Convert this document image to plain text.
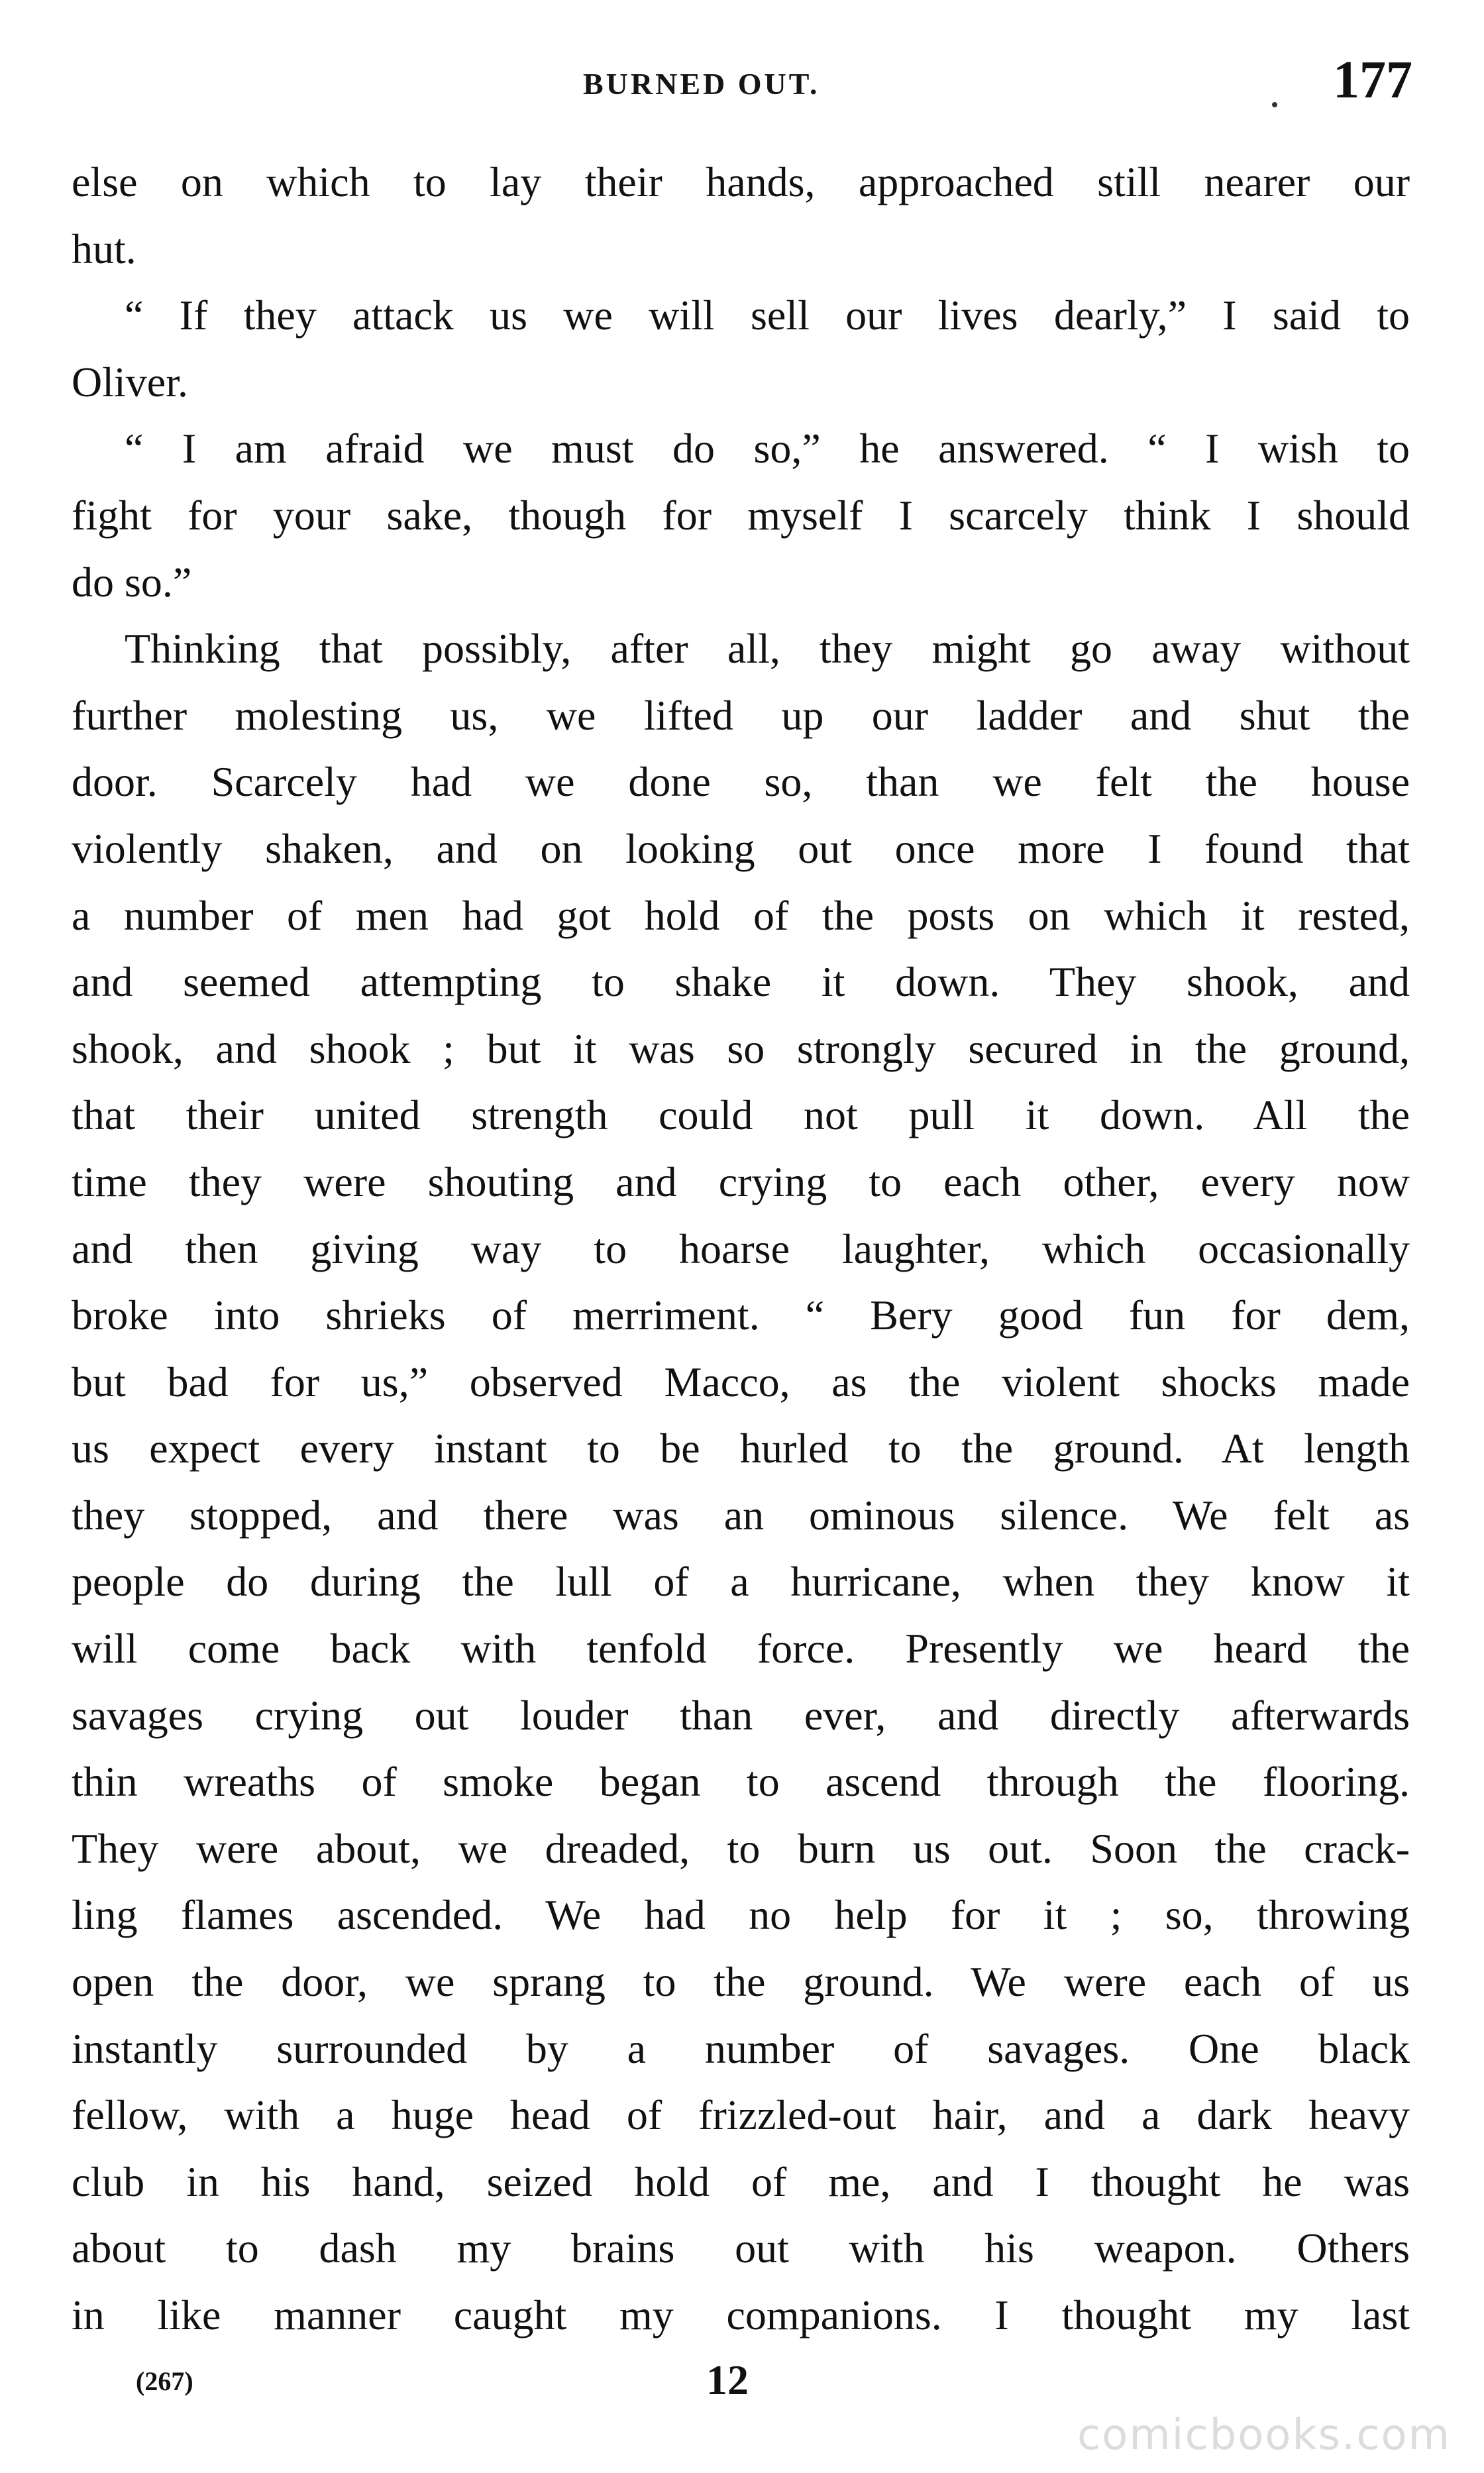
BURNED OUT.	177
else on which to lay their hands, approached still nearer our
hut.
“ If they attack us we will sell our lives dearly,” I said to
Oliver.
“ I am afraid we must do so,” he answered. “ I wish to
fight for your sake, though for myself I scarcely think I should
do so.”
Thinking that possibly, after all, they might go away without
further molesting us, we lifted up our ladder and shut the
door. Scarcely had we done so, than we felt the house
violently shaken, and on looking out once more I found that
a number of men had got hold of the posts on which it rested,
and seemed attempting to shake it down. They shook, and
shook, and shook ; but it was so strongly secured in the ground,
that their united strength could not pull it down. All the
time they were shouting and crying to each other, every now
and then giving way to hoarse laughter, which occasionally
broke into shrieks of merriment. “ Bery good fun for dem,
but bad for us,” observed Macco, as the violent shocks made
us expect every instant to be hurled to the ground. At length
they stopped, and there was an ominous silence. We felt as
people do during the lull of a hurricane, when they know it
will come back with tenfold force. Presently we heard the
savages crying out louder than ever, and directly afterwards
thin wreaths of smoke began to ascend through the flooring.
They were about, we dreaded, to burn us out. Soon the crack-
ling flames ascended. We had no help for it ; so, throwing
open the door, we sprang to the ground. We were each of us
instantly surrounded by a number of savages. One black
fellow, with a huge head of frizzled-out hair, and a dark heavy
club in his hand, seized hold of me, and I thought he was
about to dash my brains out with his weapon. Others
in like manner caught my companions. I thought my last
(267)	12
comicbooks.com
